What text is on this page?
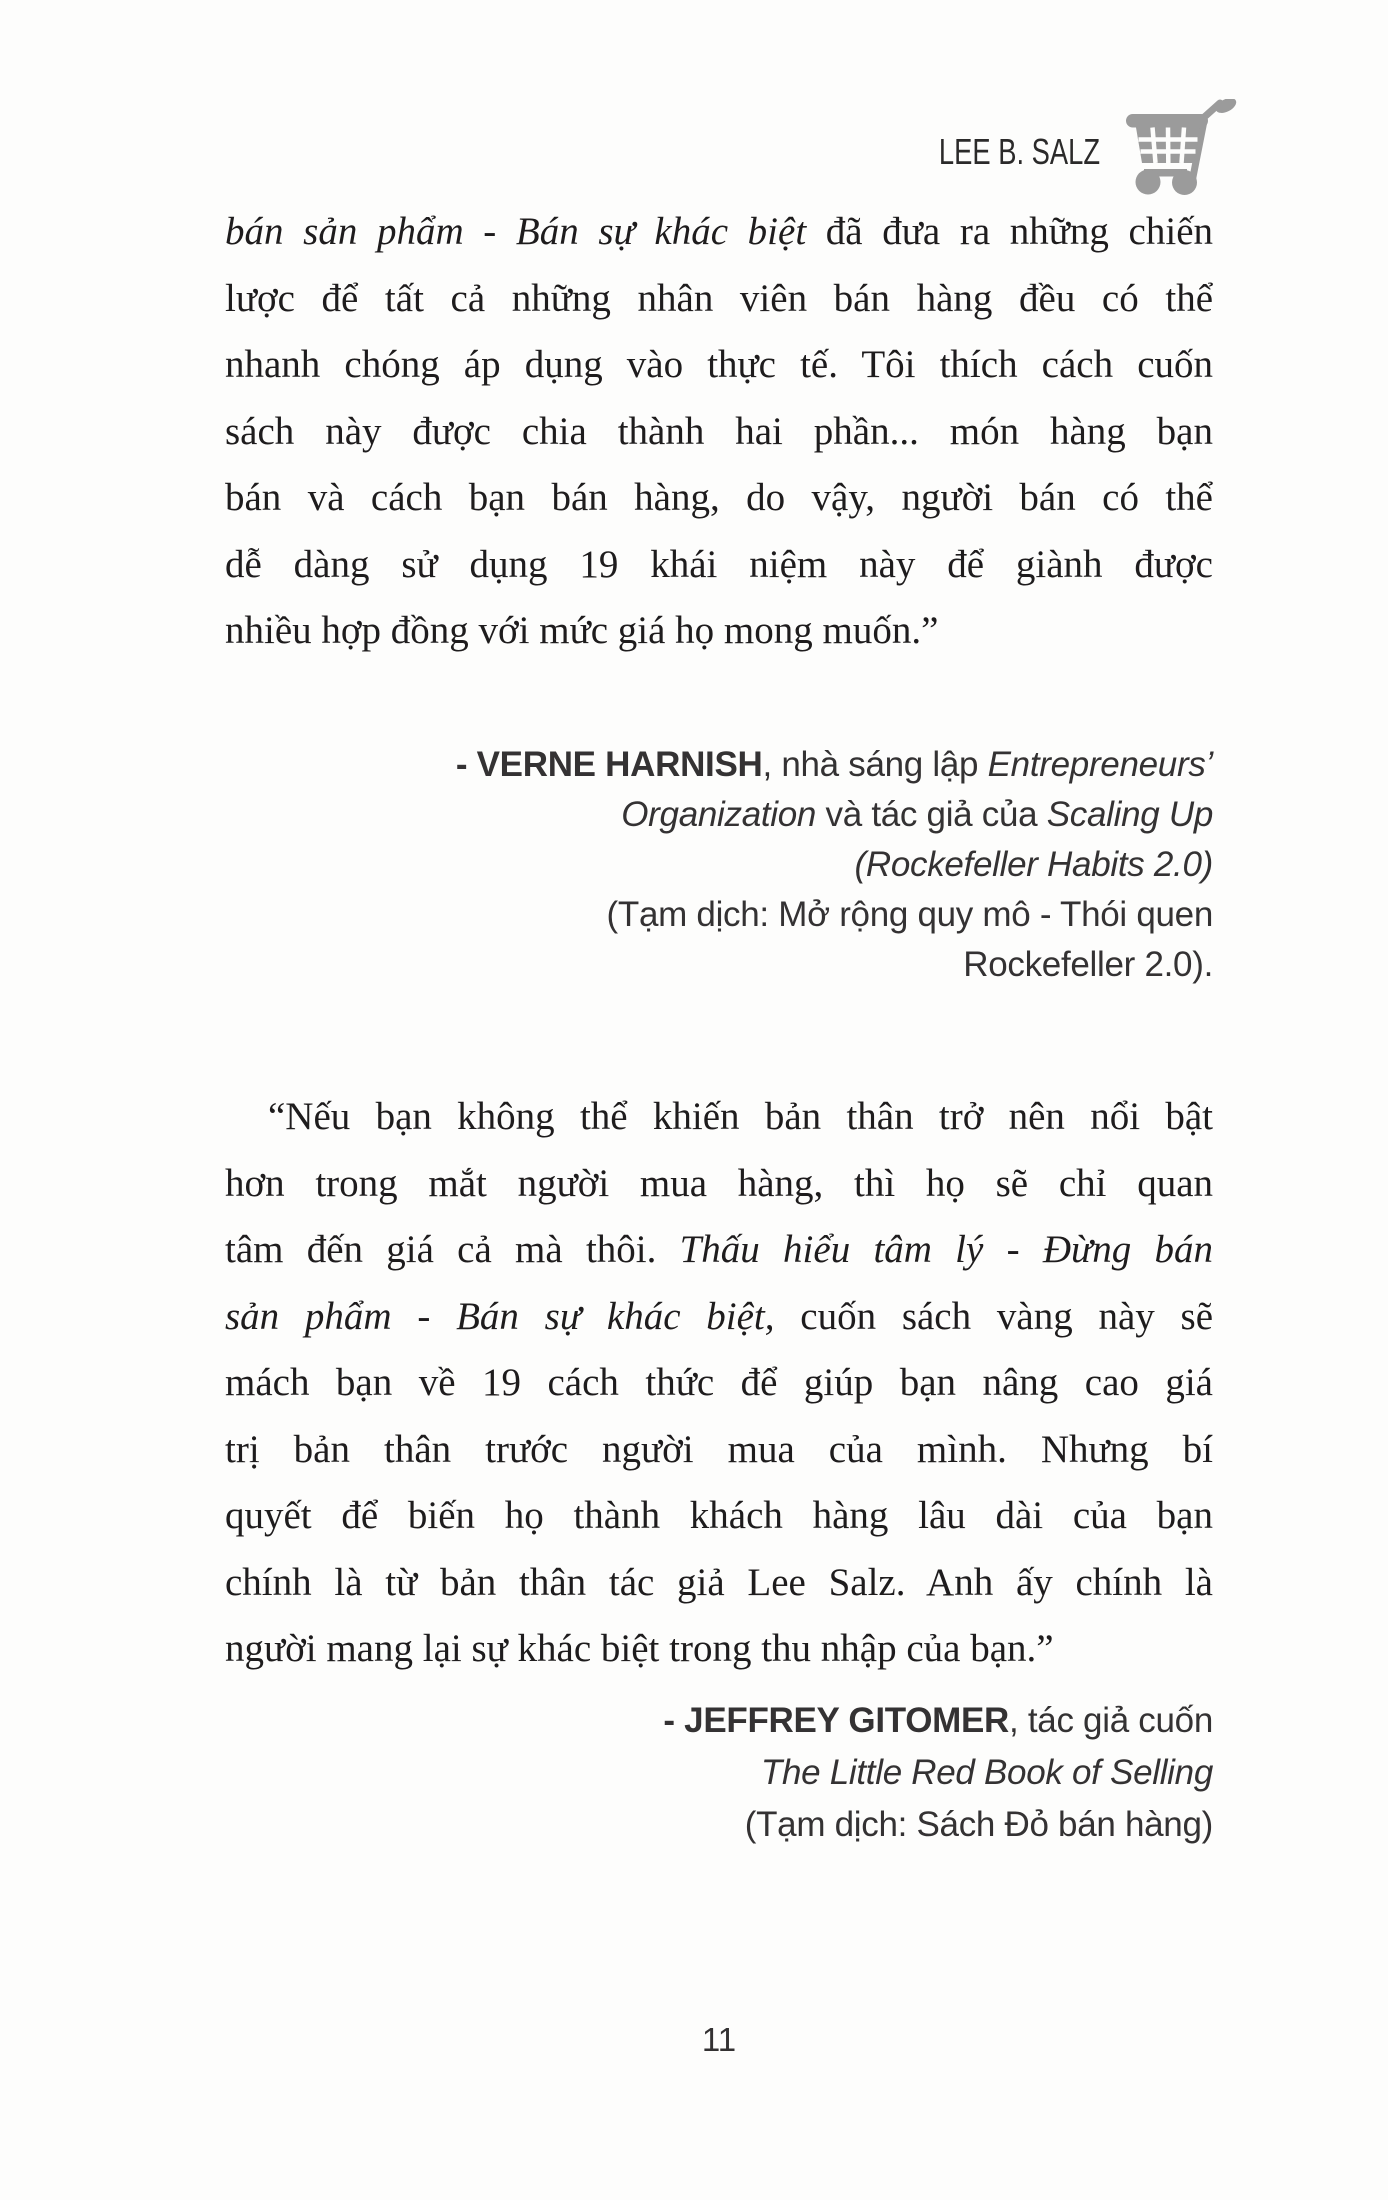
LEE B. SALZ
bán sản phẩm - Bán sự khác biệt đã đưa ra những chiến
lược để tất cả những nhân viên bán hàng đều có thể
nhanh chóng áp dụng vào thực tế. Tôi thích cách cuốn
sách này được chia thành hai phần... món hàng bạn
bán và cách bạn bán hàng, do vậy, người bán có thể
dễ dàng sử dụng 19 khái niệm này để giành được
nhiều hợp đồng với mức giá họ mong muốn.”
- VERNE HARNISH, nhà sáng lập Entrepreneurs’
Organization và tác giả của Scaling Up
(Rockefeller Habits 2.0)
(Tạm dịch: Mở rộng quy mô - Thói quen
Rockefeller 2.0).
“Nếu bạn không thể khiến bản thân trở nên nổi bật
hơn trong mắt người mua hàng, thì họ sẽ chỉ quan
tâm đến giá cả mà thôi. Thấu hiểu tâm lý - Đừng bán
sản phẩm - Bán sự khác biệt, cuốn sách vàng này sẽ
mách bạn về 19 cách thức để giúp bạn nâng cao giá
trị bản thân trước người mua của mình. Nhưng bí
quyết để biến họ thành khách hàng lâu dài của bạn
chính là từ bản thân tác giả Lee Salz. Anh ấy chính là
người mang lại sự khác biệt trong thu nhập của bạn.”
- JEFFREY GITOMER, tác giả cuốn
The Little Red Book of Selling
(Tạm dịch: Sách Đỏ bán hàng)
11
